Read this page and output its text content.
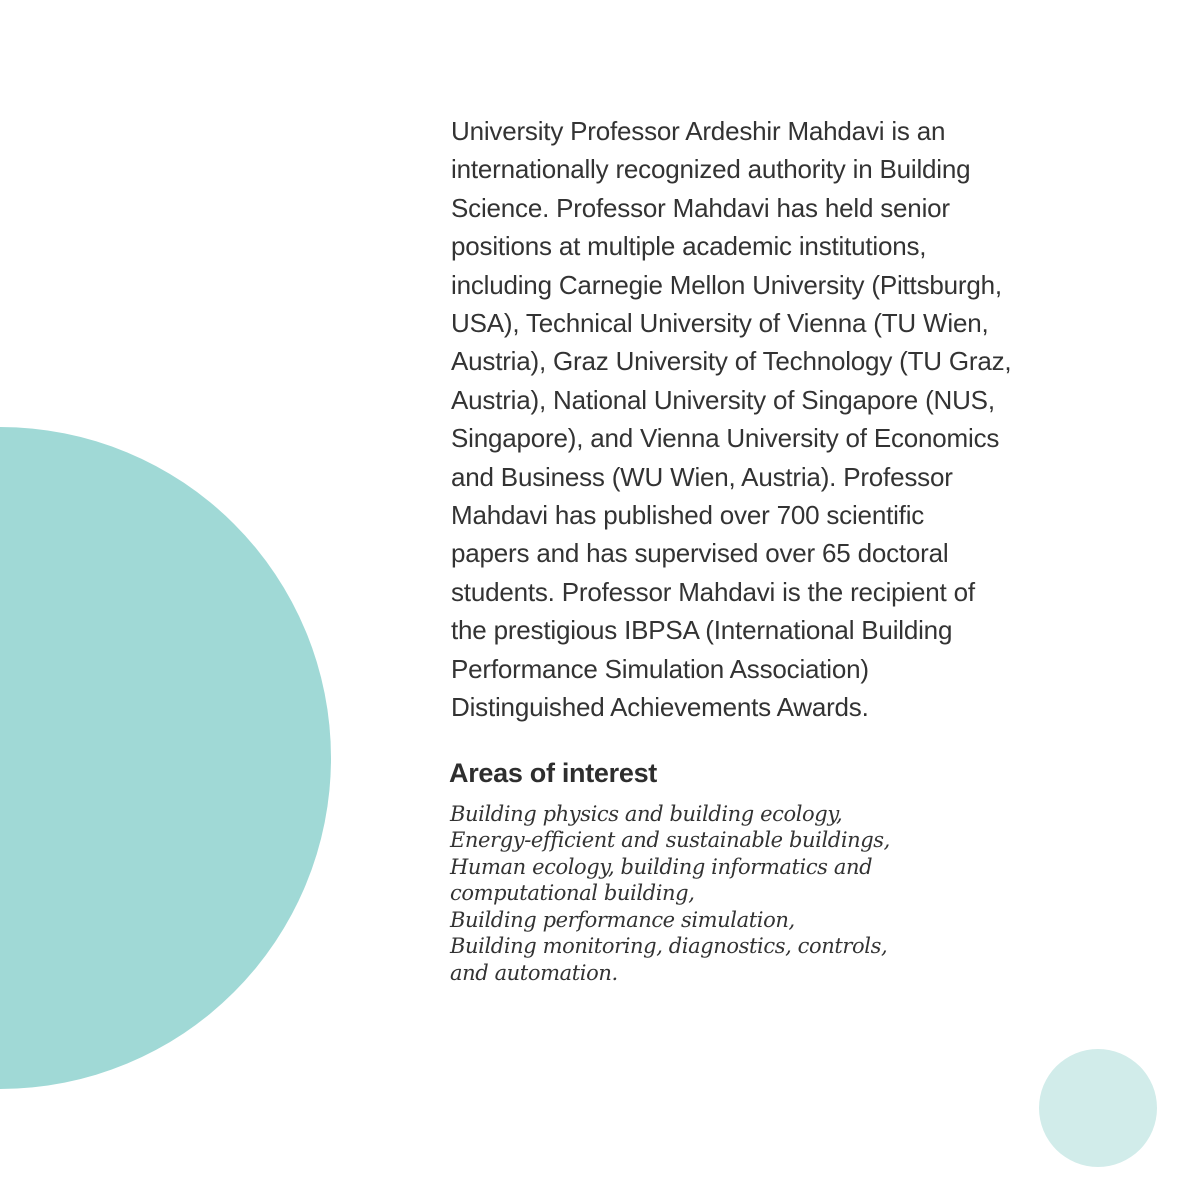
University Professor Ardeshir Mahdavi is an
internationally recognized authority in Building
Science. Professor Mahdavi has held senior
positions at multiple academic institutions,
including Carnegie Mellon University (Pittsburgh,
USA), Technical University of Vienna (TU Wien,
Austria), Graz University of Technology (TU Graz,
Austria), National University of Singapore (NUS,
Singapore), and Vienna University of Economics
and Business (WU Wien, Austria). Professor
Mahdavi has published over 700 scientific
papers and has supervised over 65 doctoral
students. Professor Mahdavi is the recipient of
the prestigious IBPSA (International Building
Performance Simulation Association)
Distinguished Achievements Awards.

Areas of interest
Building physics and building ecology,
Energy-efficient and sustainable buildings,
Human ecology, building informatics and
computational building,
Building performance simulation,
Building monitoring, diagnostics, controls,
and automation.
